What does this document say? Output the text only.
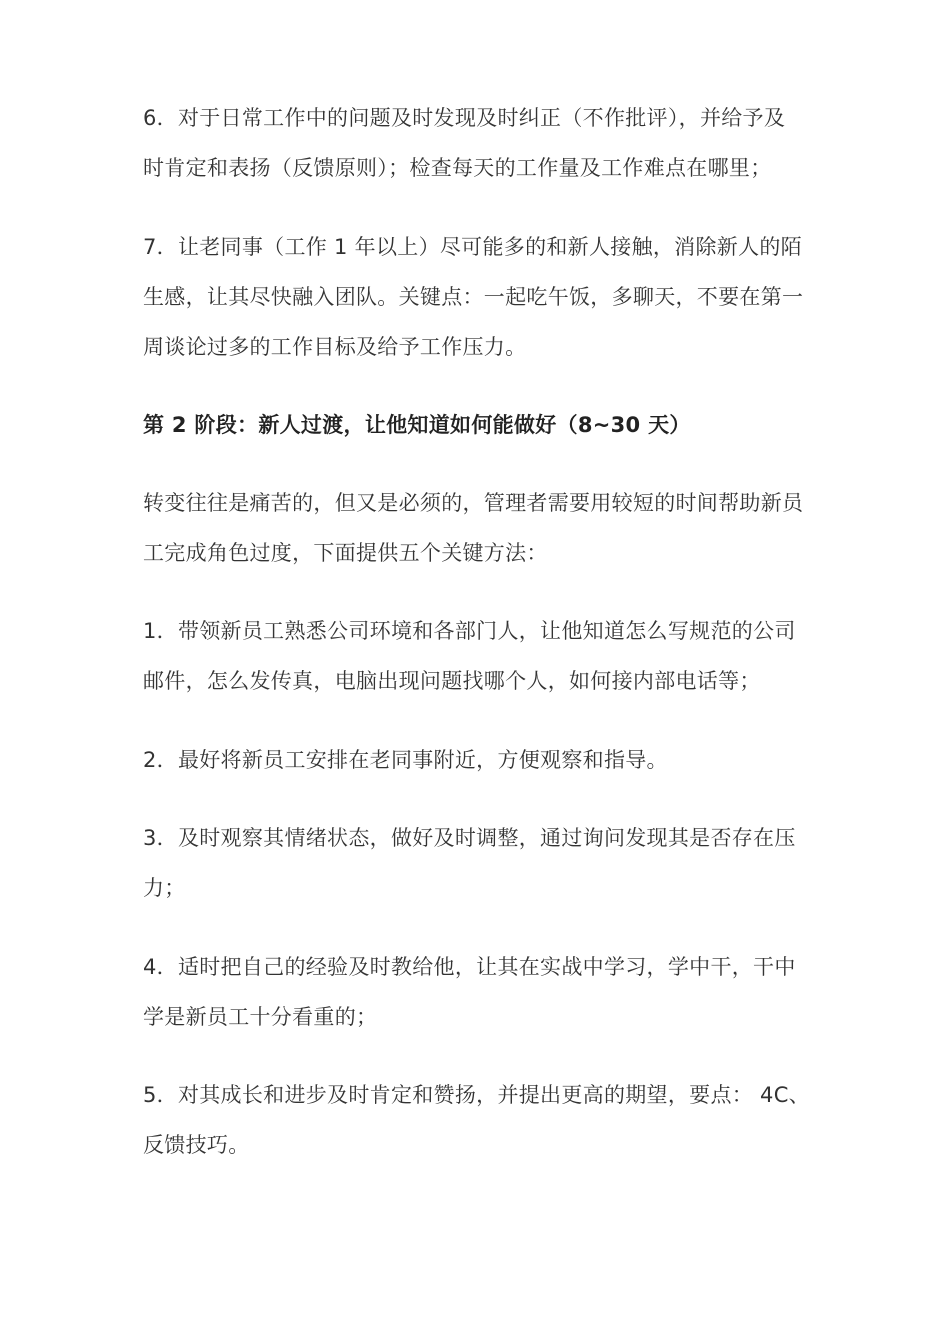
6．对于日常工作中的问题及时发现及时纠正（不作批评），并给予及
时肯定和表扬（反馈原则）；检查每天的工作量及工作难点在哪里；

7．让老同事（工作 1 年以上）尽可能多的和新人接触，消除新人的陌
生感，让其尽快融入团队。关键点：一起吃午饭，多聊天，不要在第一
周谈论过多的工作目标及给予工作压力。

第 2 阶段：新人过渡，让他知道如何能做好（8~30 天）

转变往往是痛苦的，但又是必须的，管理者需要用较短的时间帮助新员
工完成角色过度，下面提供五个关键方法：

1．带领新员工熟悉公司环境和各部门人，让他知道怎么写规范的公司
邮件，怎么发传真，电脑出现问题找哪个人，如何接内部电话等；

2．最好将新员工安排在老同事附近，方便观察和指导。

3．及时观察其情绪状态，做好及时调整，通过询问发现其是否存在压
力；

4．适时把自己的经验及时教给他，让其在实战中学习，学中干，干中
学是新员工十分看重的；

5．对其成长和进步及时肯定和赞扬，并提出更高的期望，要点： 4C、
反馈技巧。
